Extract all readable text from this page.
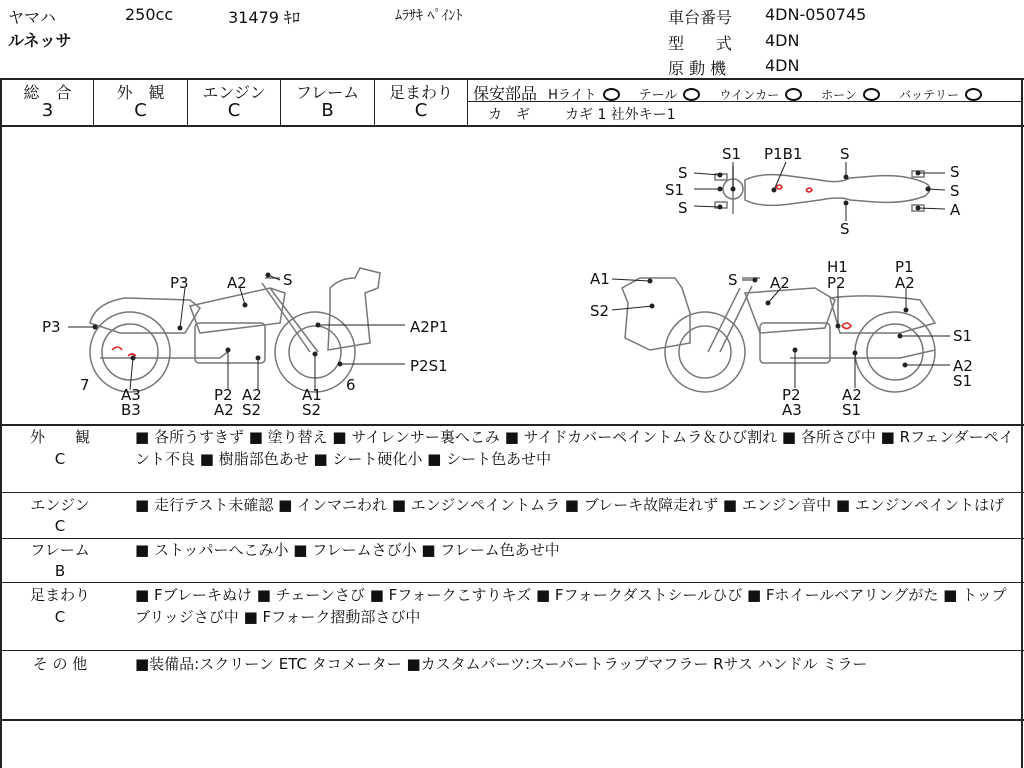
ヤマハ	250cc	31479 ｷﾛ	ﾑﾗｻｷ ﾍﾟｲﾝﾄ
ルネッサ
車台番号 4DN-050745
型　　式 4DN
原 動 機 4DN
総　合
3
外　観
C
エンジン
C
フレーム
B
足まわり
C
保安部品 Hライト	テール	ウインカー	ホーン	バッテリー
カ　ギ	カギ 1 社外キー1
S1 P1B1	S
S
S1
S
S
S
S
A
P3	A2 S
P3	A2P1
P2S1
7	6
A3
B3
P2 A2
A2 S2
A1
S2
A1
S2
S A2
H1
P2
P1
A2
S1
A2
S1
P2
A3
A2
S1
外　　観
C
■ 各所うすきず ■ 塗り替え ■ サイレンサー裏へこみ ■ サイドカバーペイントムラ＆ひび割れ ■ 各所さび中 ■ Rフェンダーペイント不良 ■ 樹脂部色あせ ■ シート硬化小 ■ シート色あせ中
エンジン
C
■ 走行テスト未確認 ■ インマニわれ ■ エンジンペイントムラ ■ ブレーキ故障走れず ■ エンジン音中 ■ エンジンペイントはげ
フレーム
B
■ ストッパーへこみ小 ■ フレームさび小 ■ フレーム色あせ中
足まわり
C
■ Fブレーキぬけ ■ チェーンさび ■ Fフォークこすりキズ ■ Fフォークダストシールひび ■ Fホイールベアリングがた ■ トップブリッジさび中 ■ Fフォーク摺動部さび中
そ の 他	■装備品:スクリーン ETC タコメーター ■カスタムパーツ:スーパートラップマフラー Rサス ハンドル ミラー
